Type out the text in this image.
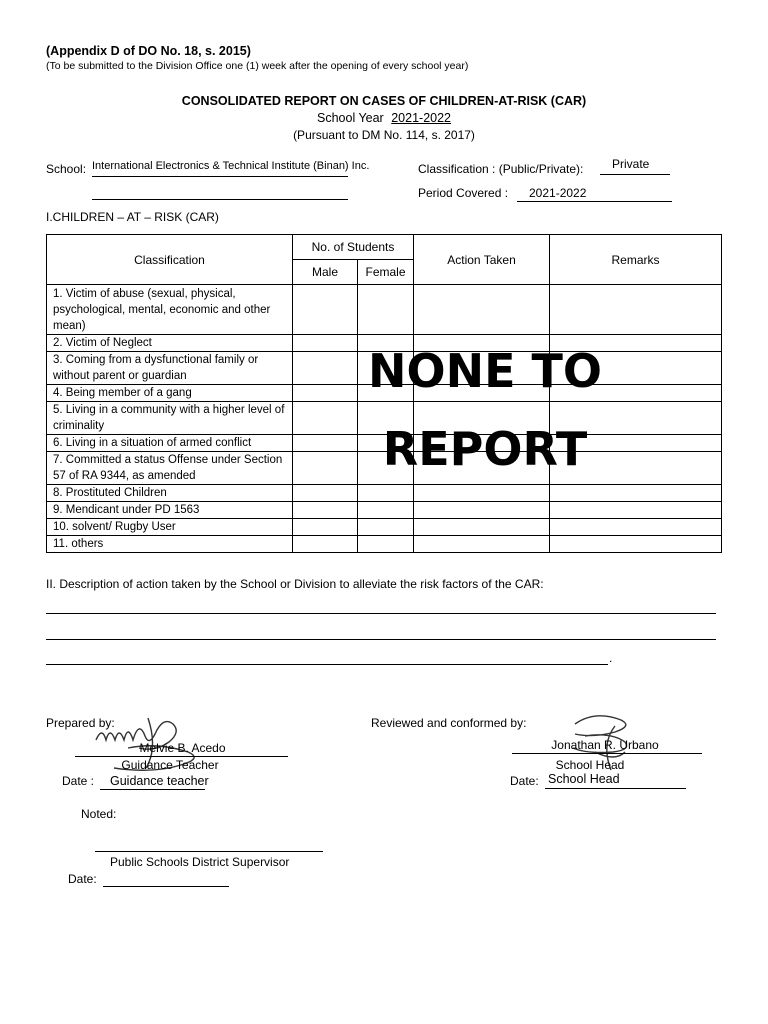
(Appendix D of DO No. 18, s. 2015)
(To be submitted to the Division Office one (1) week after the opening of every school year)
CONSOLIDATED REPORT ON CASES OF CHILDREN-AT-RISK (CAR)
School Year 2021-2022
(Pursuant to DM No. 114, s. 2017)
School: International Electronics & Technical Institute (Binan) Inc.	Classification : (Public/Private): Private
Period Covered : 2021-2022
I.CHILDREN – AT – RISK (CAR)
Classification	No. of Students		Action Taken	Remarks
	Male	Female		
1. Victim of abuse (sexual, physical, psychological, mental, economic and other mean)				
2. Victim of Neglect				
3. Coming from a dysfunctional family or without parent or guardian				
4. Being member of a gang				
5. Living in a community with a higher level of criminality				
6. Living in a situation of armed conflict				
7. Committed a status Offense under Section 57 of RA 9344, as amended				
8. Prostituted Children				
9. Mendicant under PD 1563				
10. solvent/ Rugby User				
11. others				
NONE TO
REPORT
II. Description of action taken by the School or Division to alleviate the risk factors of the CAR:
.
Prepared by:
Melvie B. Acedo
Guidance Teacher
Date : Guidance teacher
Reviewed and conformed by:
Jonathan R. Urbano
School Head
Date: School Head
Noted:
Public Schools District Supervisor
Date:
